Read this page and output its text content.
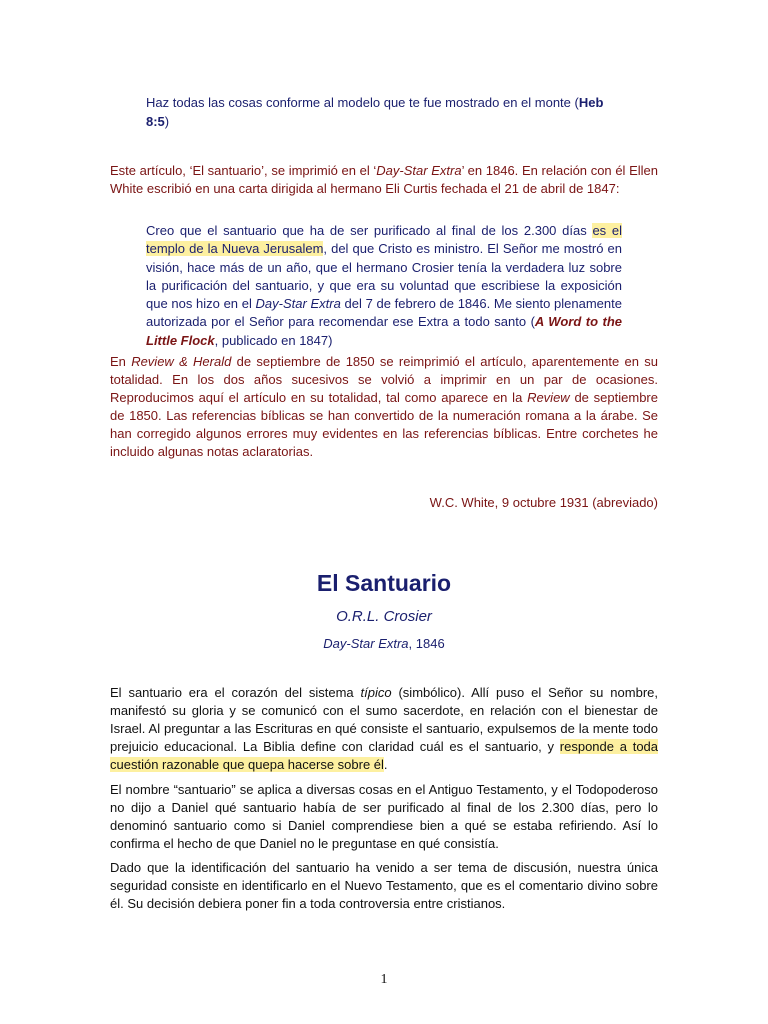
Haz todas las cosas conforme al modelo que te fue mostrado en el monte (Heb 8:5)

Este artículo, ‘El santuario’, se imprimió en el ‘Day-Star Extra’ en 1846. En relación con él Ellen White escribió en una carta dirigida al hermano Eli Curtis fechada el 21 de abril de 1847:

Creo que el santuario que ha de ser purificado al final de los 2.300 días es el templo de la Nueva Jerusalem, del que Cristo es ministro. El Señor me mostró en visión, hace más de un año, que el hermano Crosier tenía la verdadera luz sobre la purificación del santuario, y que era su voluntad que escribiese la exposición que nos hizo en el Day-Star Extra del 7 de febrero de 1846. Me siento plenamente autorizada por el Señor para recomendar ese Extra a todo santo (A Word to the Little Flock, publicado en 1847)

En Review & Herald de septiembre de 1850 se reimprimió el artículo, aparentemente en su totalidad. En los dos años sucesivos se volvió a imprimir en un par de ocasiones. Reproducimos aquí el artículo en su totalidad, tal como aparece en la Review de septiembre de 1850. Las referencias bíblicas se han convertido de la numeración romana a la árabe. Se han corregido algunos errores muy evidentes en las referencias bíblicas. Entre corchetes he incluido algunas notas aclaratorias.

W.C. White, 9 octubre 1931 (abreviado)

El Santuario

O.R.L. Crosier

Day-Star Extra, 1846

El santuario era el corazón del sistema típico (simbólico). Allí puso el Señor su nombre, manifestó su gloria y se comunicó con el sumo sacerdote, en relación con el bienestar de Israel. Al preguntar a las Escrituras en qué consiste el santuario, expulsemos de la mente todo prejuicio educacional. La Biblia define con claridad cuál es el santuario, y responde a toda cuestión razonable que quepa hacerse sobre él.

El nombre “santuario” se aplica a diversas cosas en el Antiguo Testamento, y el Todopoderoso no dijo a Daniel qué santuario había de ser purificado al final de los 2.300 días, pero lo denominó santuario como si Daniel comprendiese bien a qué se estaba refiriendo. Así lo confirma el hecho de que Daniel no le preguntase en qué consistía.

Dado que la identificación del santuario ha venido a ser tema de discusión, nuestra única seguridad consiste en identificarlo en el Nuevo Testamento, que es el comentario divino sobre él. Su decisión debiera poner fin a toda controversia entre cristianos.

1
